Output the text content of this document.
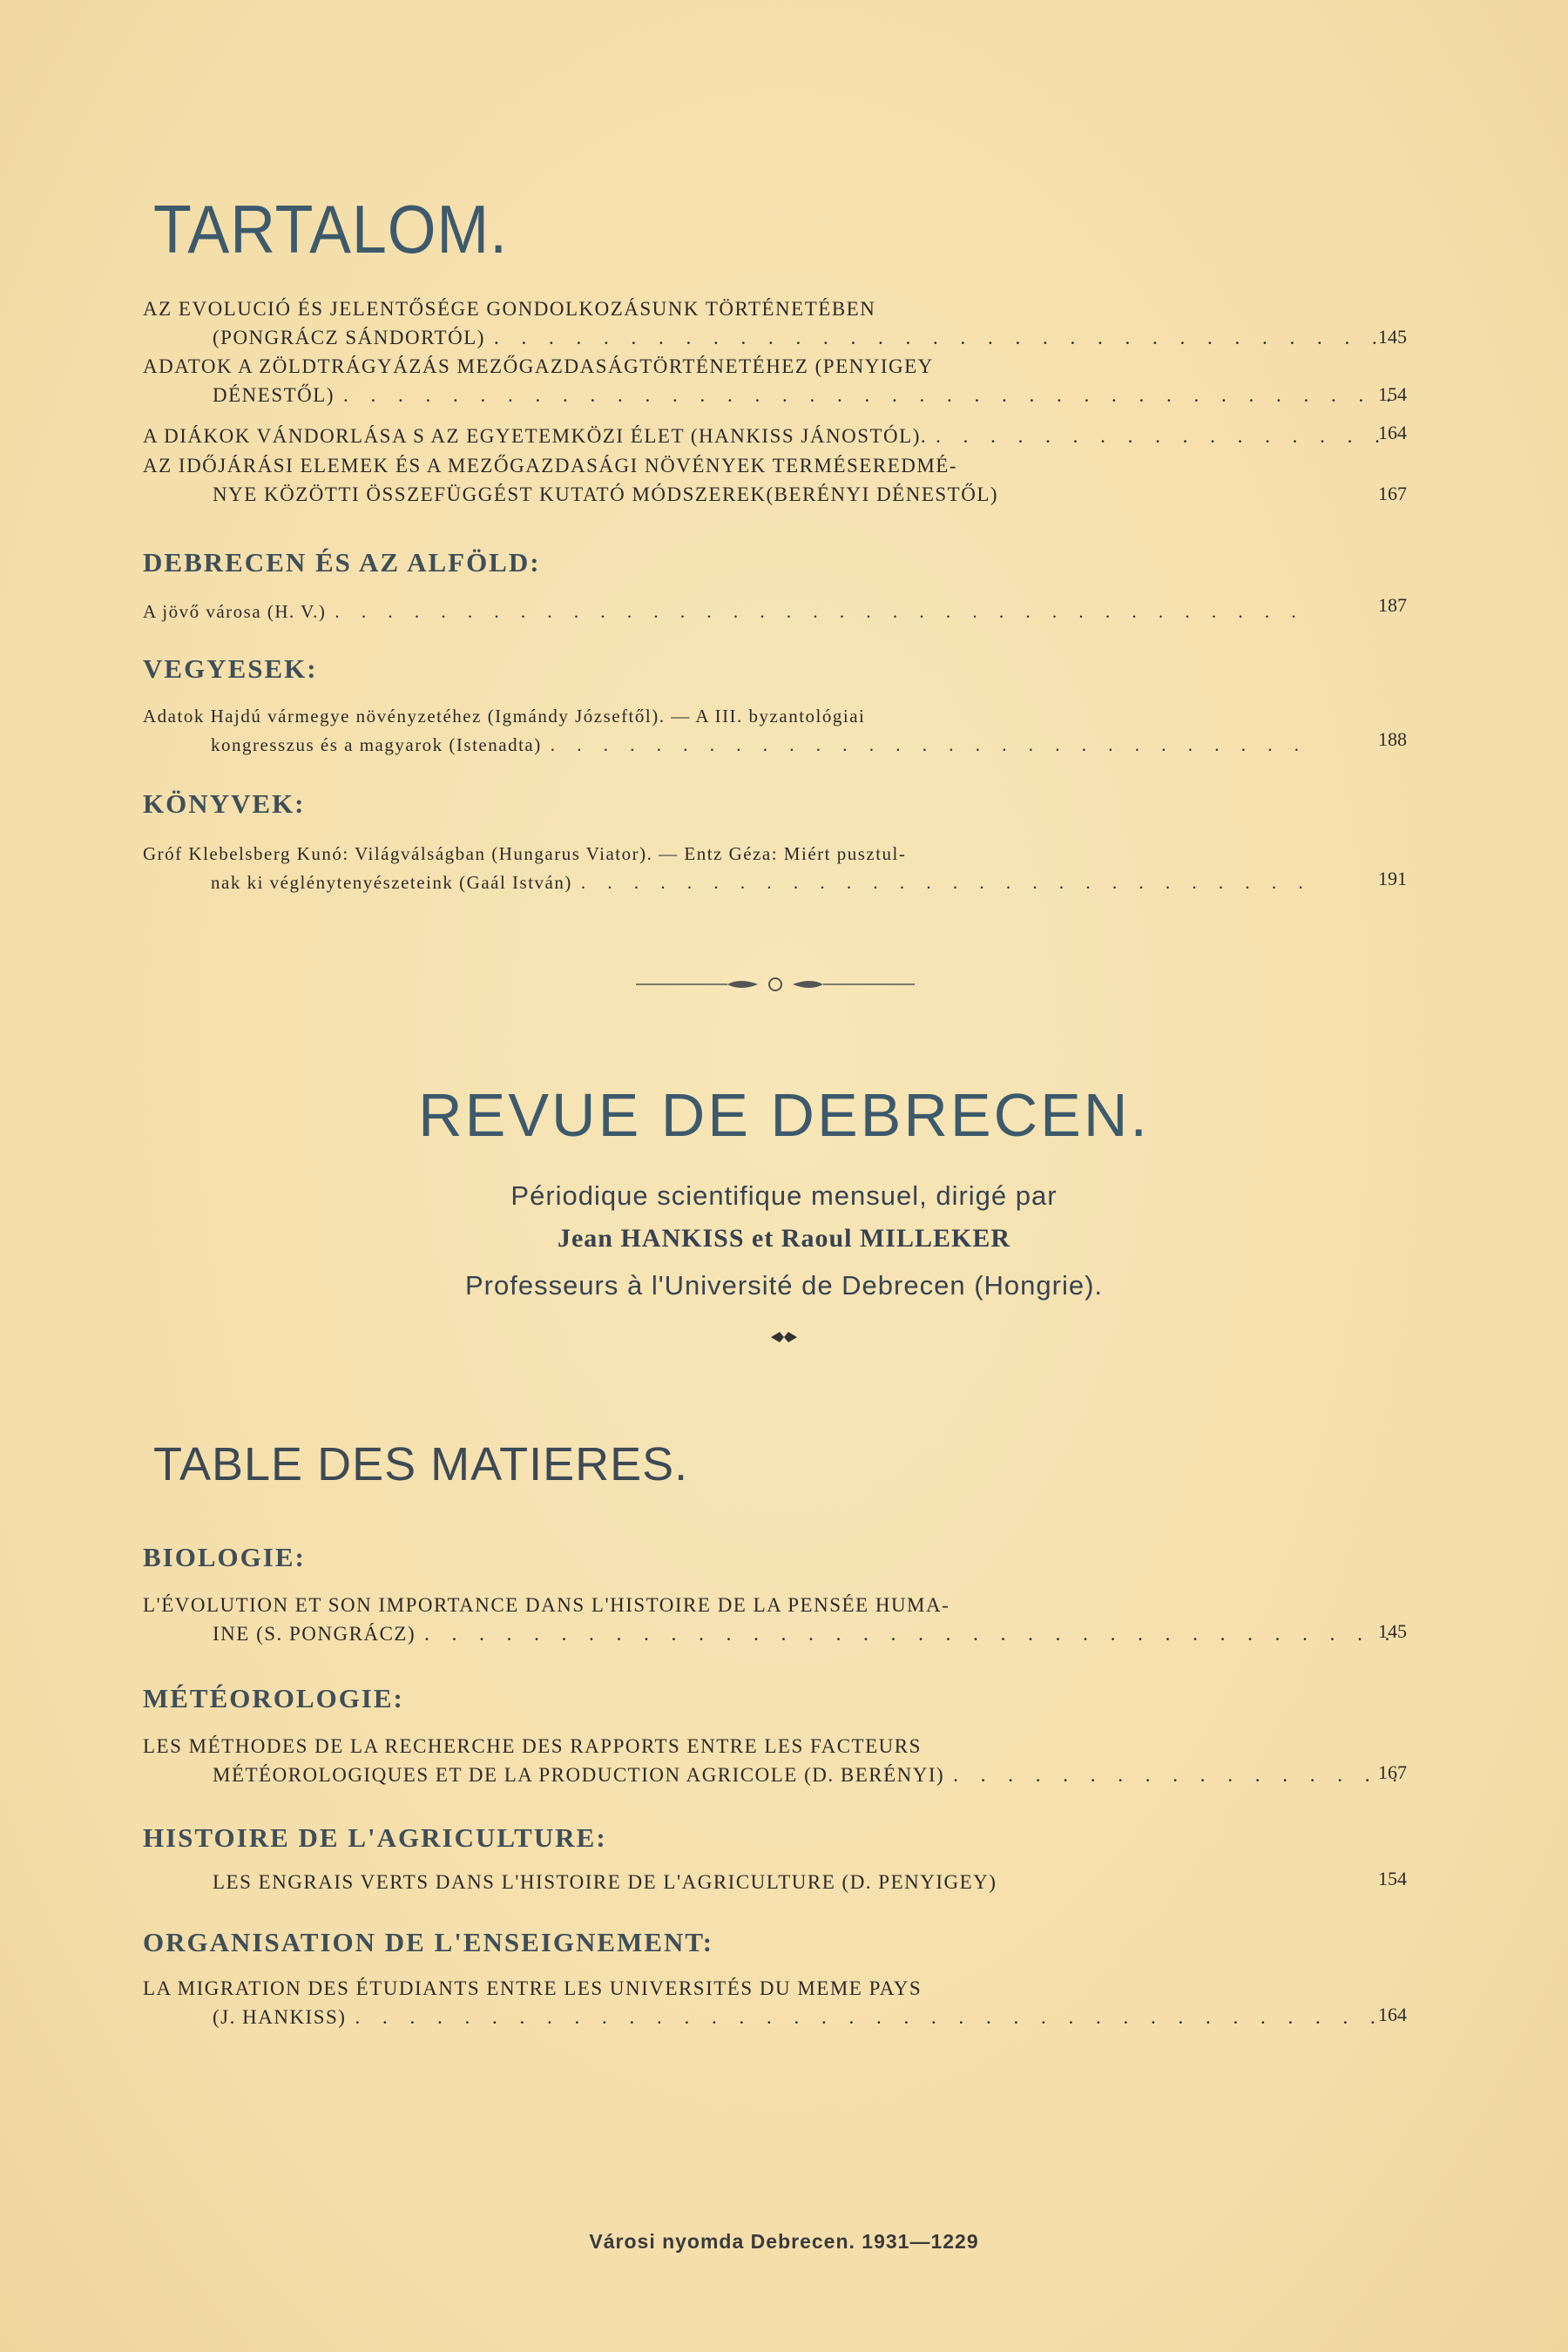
TARTALOM.
AZ EVOLUCIÓ ÉS JELENTŐSÉGE GONDOLKOZÁSUNK TÖRTÉNETÉBEN
(PONGRÁCZ SÁNDORTÓL) . . .	145
ADATOK A ZÖLDTRÁGYÁZÁS MEZŐGAZDASÁGTÖRTÉNETÉHEZ (PENYIGEY
DÉNESTŐL) . . .	154
A DIÁKOK VÁNDORLÁSA S AZ EGYETEMKÖZI ÉLET (HANKISS JÁNOSTÓL). . . .	164
AZ IDŐJÁRÁSI ELEMEK ÉS A MEZŐGAZDASÁGI NÖVÉNYEK TERMÉSEREDMÉ-
NYE KÖZÖTTI ÖSSZEFÜGGÉST KUTATÓ MÓDSZEREK(BERÉNYI DÉNESTŐL)	167
DEBRECEN ÉS AZ ALFÖLD:
A jövő városa (H. V.) . . .	187
VEGYESEK:
Adatok Hajdú vármegye növényzetéhez (Igmándy Józseftől). — A III. byzantológiai
kongresszus és a magyarok (Istenadta) . . .	188
KÖNYVEK:
Gróf Klebelsberg Kunó: Világválságban (Hungarus Viator). — Entz Géza: Miért pusztul-
nak ki véglénytenyészeteink (Gaál István) . . .	191
REVUE DE DEBRECEN.
Périodique scientifique mensuel, dirigé par
Jean HANKISS et Raoul MILLEKER
Professeurs à l'Université de Debrecen (Hongrie).
TABLE DES MATIERES.
BIOLOGIE:
L'ÉVOLUTION ET SON IMPORTANCE DANS L'HISTOIRE DE LA PENSÉE HUMA-
INE (S. PONGRÁCZ) . . .	145
MÉTÉOROLOGIE:
LES MÉTHODES DE LA RECHERCHE DES RAPPORTS ENTRE LES FACTEURS
MÉTÉOROLOGIQUES ET DE LA PRODUCTION AGRICOLE (D. BERÉNYI) . . .	167
HISTOIRE DE L'AGRICULTURE:
LES ENGRAIS VERTS DANS L'HISTOIRE DE L'AGRICULTURE (D. PENYIGEY)	154
ORGANISATION DE L'ENSEIGNEMENT:
LA MIGRATION DES ÉTUDIANTS ENTRE LES UNIVERSITÉS DU MEME PAYS
(J. HANKISS) . . .	164
Városi nyomda Debrecen. 1931—1229
